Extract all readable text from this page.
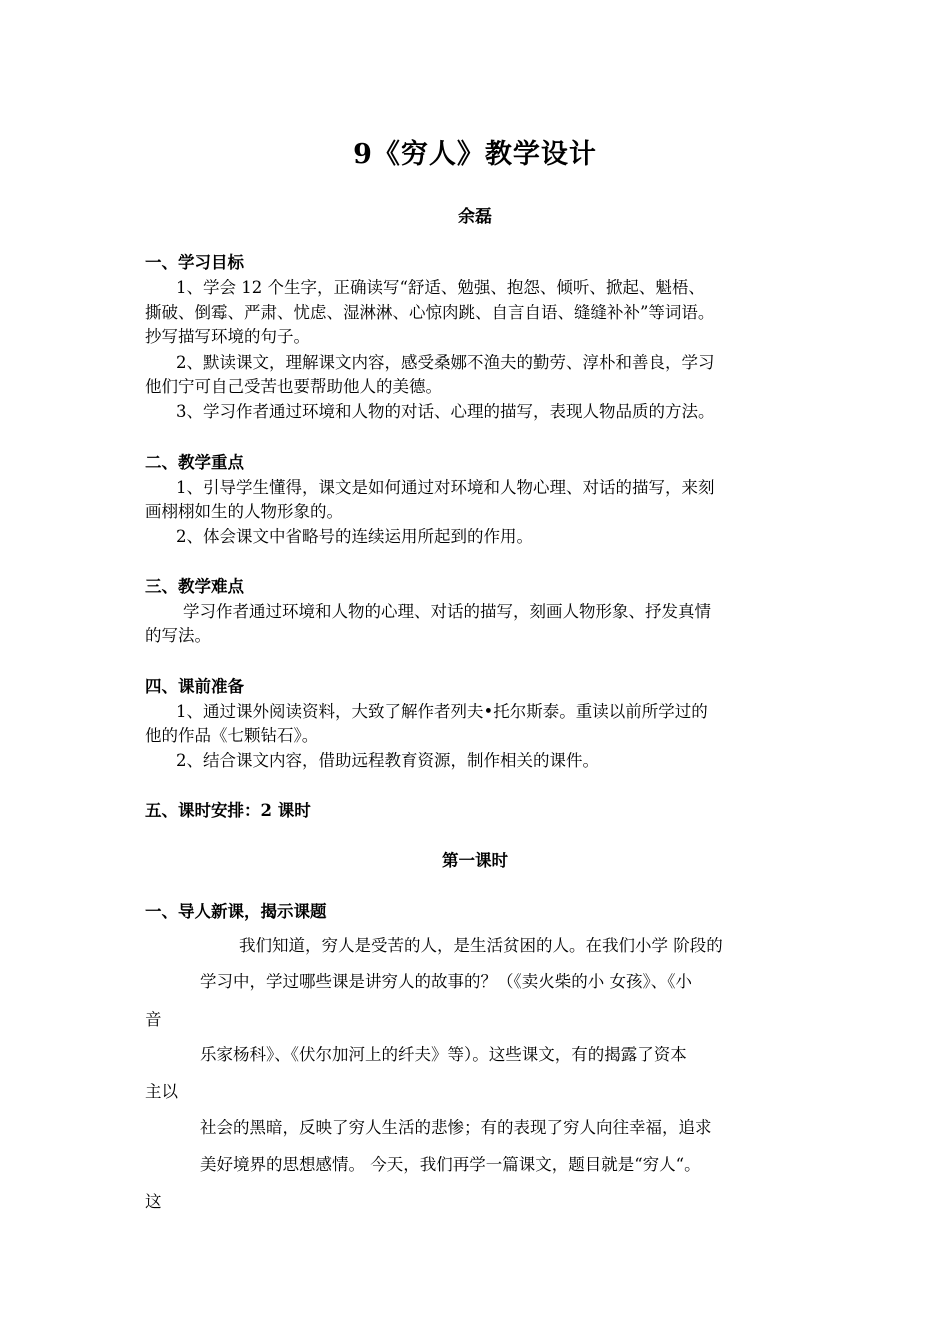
9《穷人》教学设计
余磊
一、学习目标
1、学会 12 个生字，正确读写“舒适、勉强、抱怨、倾听、掀起、魁梧、
撕破、倒霉、严肃、忧虑、湿淋淋、心惊肉跳、自言自语、缝缝补补”等词语。
抄写描写环境的句子。
2、默读课文，理解课文内容，感受桑娜不渔夫的勤劳、淳朴和善良，学习
他们宁可自己受苦也要帮助他人的美德。
3、学习作者通过环境和人物的对话、心理的描写，表现人物品质的方法。
二、教学重点
1、引导学生懂得，课文是如何通过对环境和人物心理、对话的描写，来刻
画栩栩如生的人物形象的。
2、体会课文中省略号的连续运用所起到的作用。
三、教学难点
学习作者通过环境和人物的心理、对话的描写，刻画人物形象、抒发真情
的写法。
四、课前准备
1、通过课外阅读资料，大致了解作者列夫•托尔斯泰。重读以前所学过的
他的作品《七颗钻石》。
2、结合课文内容，借助远程教育资源，制作相关的课件。
五、课时安排：2 课时
第一课时
一、导人新课，揭示课题
我们知道，穷人是受苦的人，是生活贫困的人。在我们小学 阶段的
学习中，学过哪些课是讲穷人的故事的？（《卖火柴的小 女孩》、《小
音
乐家杨科》、《伏尔加河上的纤夫》等）。这些课文，有的揭露了资本
主以
社会的黑暗，反映了穷人生活的悲惨；有的表现了穷人向往幸福，追求
美好境界的思想感情。 今天，我们再学一篇课文，题目就是“穷人“。
这
